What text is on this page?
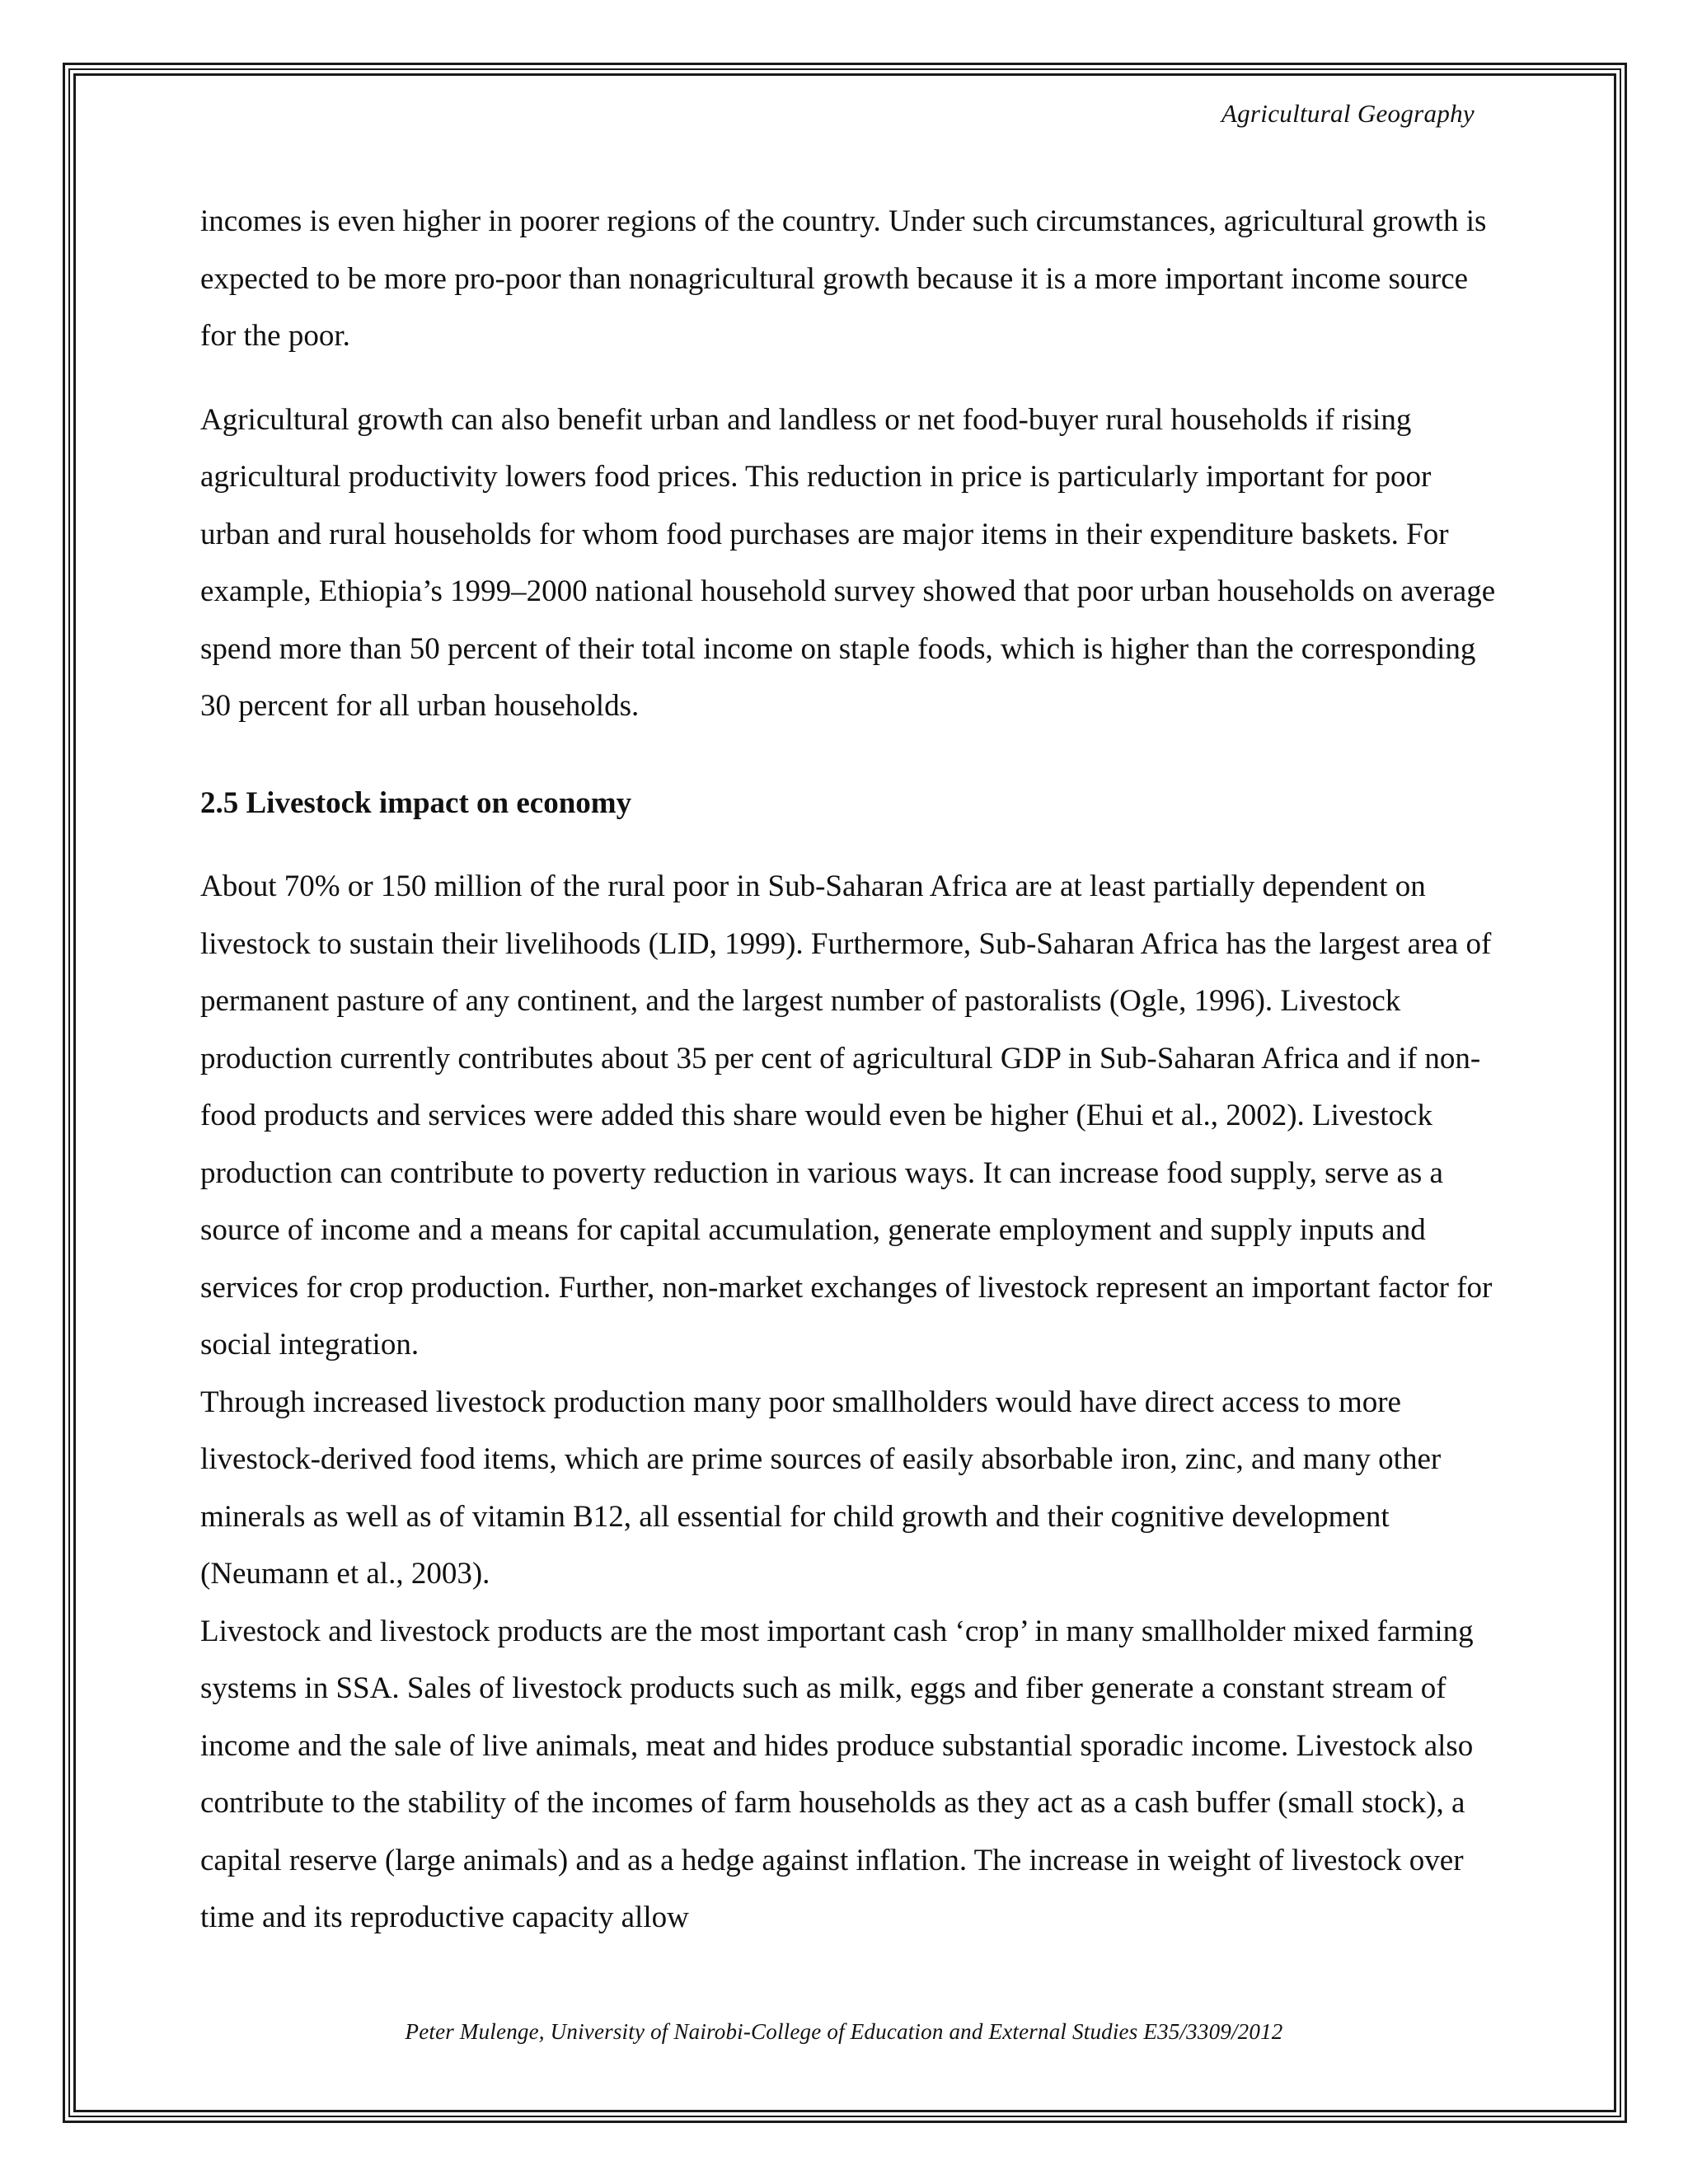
Agricultural Geography

incomes is even higher in poorer regions of the country. Under such circumstances, agricultural growth is expected to be more pro-poor than nonagricultural growth because it is a more important income source for the poor.

Agricultural growth can also benefit urban and landless or net food-buyer rural households if rising agricultural productivity lowers food prices. This reduction in price is particularly important for poor urban and rural households for whom food purchases are major items in their expenditure baskets. For example, Ethiopia’s 1999–2000 national household survey showed that poor urban households on average spend more than 50 percent of their total income on staple foods, which is higher than the corresponding 30 percent for all urban households.

2.5 Livestock impact on economy

About 70% or 150 million of the rural poor in Sub-Saharan Africa are at least partially dependent on livestock to sustain their livelihoods (LID, 1999). Furthermore, Sub-Saharan Africa has the largest area of permanent pasture of any continent, and the largest number of pastoralists (Ogle, 1996). Livestock production currently contributes about 35 per cent of agricultural GDP in Sub-Saharan Africa and if non-food products and services were added this share would even be higher (Ehui et al., 2002). Livestock production can contribute to poverty reduction in various ways. It can increase food supply, serve as a source of income and a means for capital accumulation, generate employment and supply inputs and services for crop production. Further, non-market exchanges of livestock represent an important factor for social integration.

Through increased livestock production many poor smallholders would have direct access to more livestock-derived food items, which are prime sources of easily absorbable iron, zinc, and many other minerals as well as of vitamin B12, all essential for child growth and their cognitive development (Neumann et al., 2003).

Livestock and livestock products are the most important cash ‘crop’ in many smallholder mixed farming systems in SSA. Sales of livestock products such as milk, eggs and fiber generate a constant stream of income and the sale of live animals, meat and hides produce substantial sporadic income. Livestock also contribute to the stability of the incomes of farm households as they act as a cash buffer (small stock), a capital reserve (large animals) and as a hedge against inflation. The increase in weight of livestock over time and its reproductive capacity allow

Peter Mulenge, University of Nairobi-College of Education and External Studies E35/3309/2012
